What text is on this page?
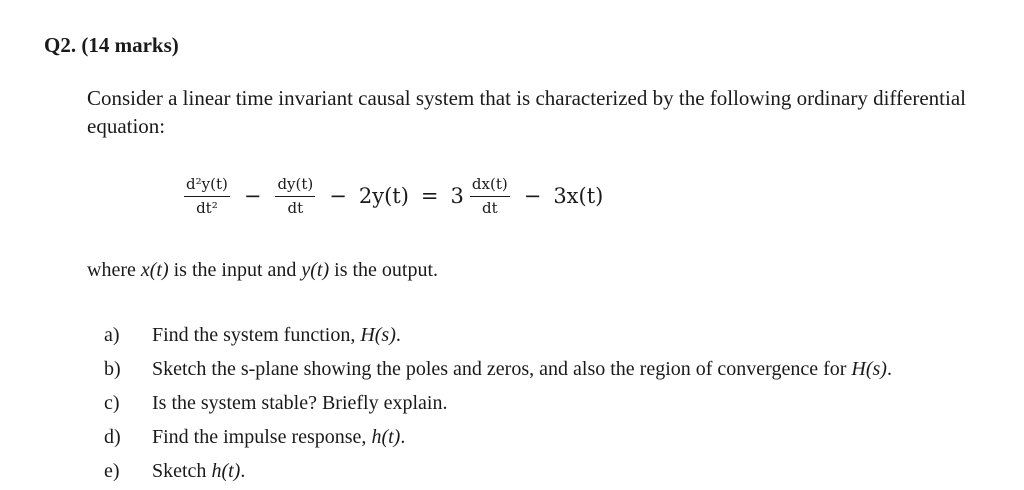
Q2. (14 marks)
Consider a linear time invariant causal system that is characterized by the following ordinary differential equation:
$\frac{\text{d²y(t)}}{\text{dt²}} - \frac{dy(t)}{dt} - 2y(t) = 3 \frac{dx(t)}{dt} - 3x(t)$
where x(t) is the input and y(t) is the output.
a)	Find the system function, H(s).
b)	Sketch the s-plane showing the poles and zeros, and also the region of convergence for H(s).
c)	Is the system stable? Briefly explain.
d)	Find the impulse response, h(t).
e)	Sketch h(t).
